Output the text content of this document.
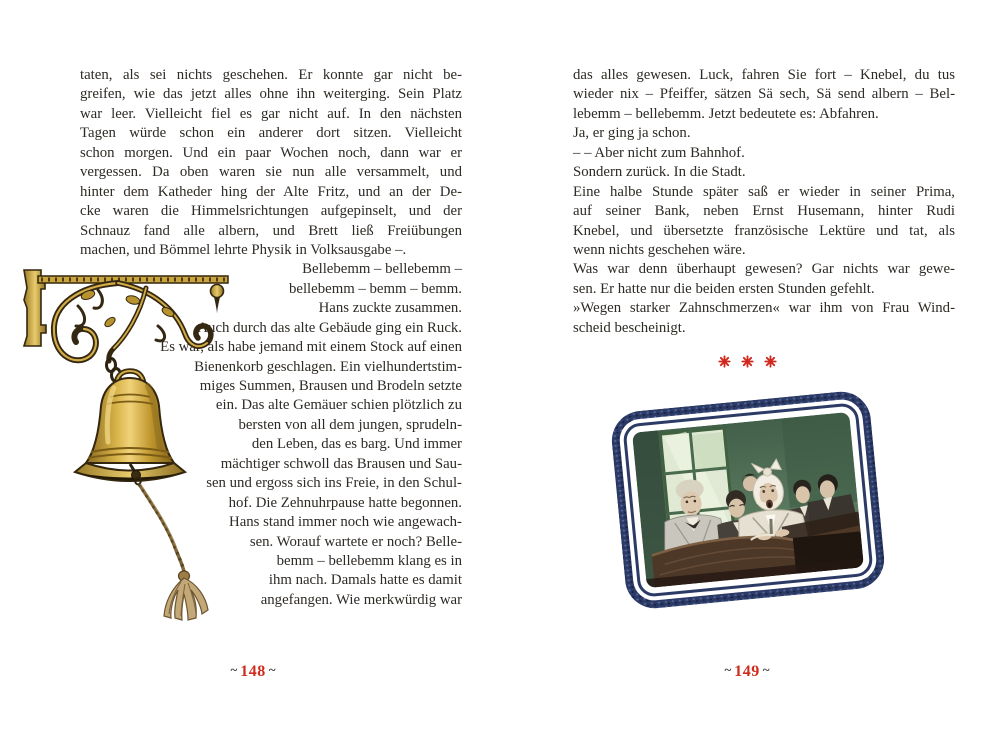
taten, als sei nichts geschehen. Er konnte gar nicht be-
greifen, wie das jetzt alles ohne ihn weiterging. Sein Platz
war leer. Vielleicht fiel es gar nicht auf. In den nächsten
Tagen würde schon ein anderer dort sitzen. Vielleicht
schon morgen. Und ein paar Wochen noch, dann war er
vergessen. Da oben waren sie nun alle versammelt, und
hinter dem Katheder hing der Alte Fritz, und an der De-
cke waren die Himmelsrichtungen aufgepinselt, und der
Schnauz fand alle albern, und Brett ließ Freiübungen
machen, und Bömmel lehrte Physik in Volksausgabe –.
Bellebemm – bellebemm –
bellebemm – bemm – bemm.
Hans zuckte zusammen.
Auch durch das alte Gebäude ging ein Ruck.
Es war, als habe jemand mit einem Stock auf einen
Bienenkorb geschlagen. Ein vielhundertstim-
miges Summen, Brausen und Brodeln setzte
ein. Das alte Gemäuer schien plötzlich zu
bersten von all dem jungen, sprudeln-
den Leben, das es barg. Und immer
mächtiger schwoll das Brausen und Sau-
sen und ergoss sich ins Freie, in den Schul-
hof. Die Zehnuhrpause hatte begonnen.
Hans stand immer noch wie angewach-
sen. Worauf wartete er noch? Belle-
bemm – bellebemm klang es in
ihm nach. Damals hatte es damit
angefangen. Wie merkwürdig war
das alles gewesen. Luck, fahren Sie fort – Knebel, du tus
wieder nix – Pfeiffer, sätzen Sä sech, Sä send albern – Bel-
lebemm – bellebemm. Jetzt bedeutete es: Abfahren.
Ja, er ging ja schon.
– – Aber nicht zum Bahnhof.
Sondern zurück. In die Stadt.
Eine halbe Stunde später saß er wieder in seiner Prima,
auf seiner Bank, neben Ernst Husemann, hinter Rudi
Knebel, und übersetzte französische Lektüre und tat, als
wenn nichts geschehen wäre.
Was war denn überhaupt gewesen? Gar nichts war gewe-
sen. Er hatte nur die beiden ersten Stunden gefehlt.
»Wegen starker Zahnschmerzen« war ihm von Frau Wind-
scheid bescheinigt.
~ 148 ~	~ 149 ~
